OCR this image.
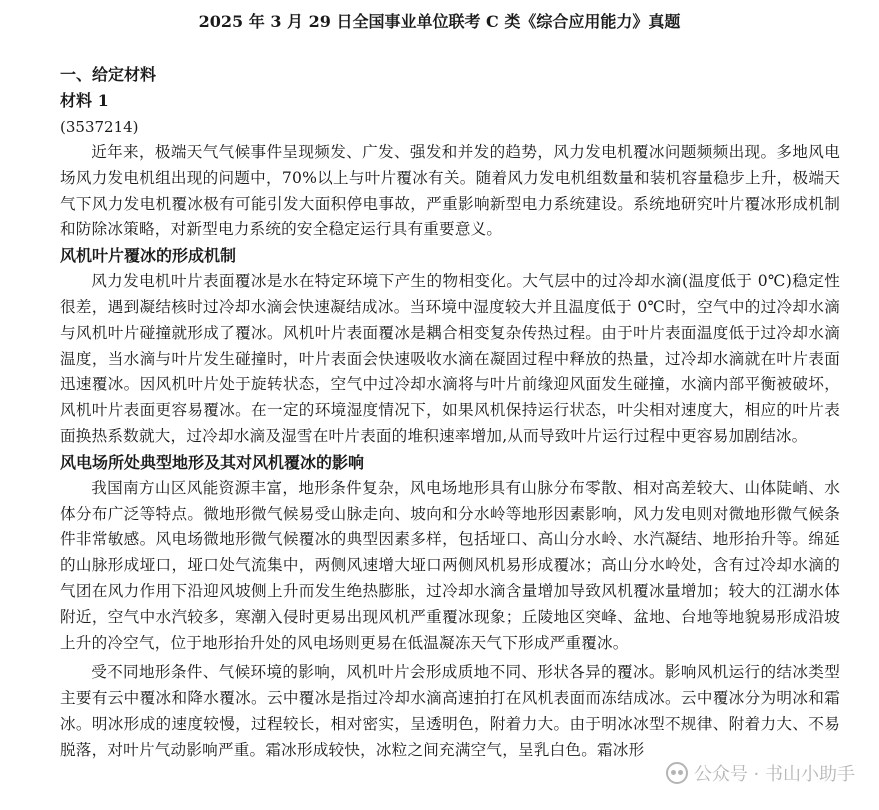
2025 年 3 月 29 日全国事业单位联考 C 类《综合应用能力》真题

一、给定材料

材料 1

(3537214)

近年来，极端天气气候事件呈现频发、广发、强发和并发的趋势，风力发电机覆冰问题频频出现。多地风电场风力发电机组出现的问题中，70%以上与叶片覆冰有关。随着风力发电机组数量和装机容量稳步上升，极端天气下风力发电机覆冰极有可能引发大面积停电事故，严重影响新型电力系统建设。系统地研究叶片覆冰形成机制和防除冰策略，对新型电力系统的安全稳定运行具有重要意义。

风机叶片覆冰的形成机制

风力发电机叶片表面覆冰是水在特定环境下产生的物相变化。大气层中的过冷却水滴(温度低于 0℃)稳定性很差，遇到凝结核时过冷却水滴会快速凝结成冰。当环境中湿度较大并且温度低于 0℃时，空气中的过冷却水滴与风机叶片碰撞就形成了覆冰。风机叶片表面覆冰是耦合相变复杂传热过程。由于叶片表面温度低于过冷却水滴温度，当水滴与叶片发生碰撞时，叶片表面会快速吸收水滴在凝固过程中释放的热量，过冷却水滴就在叶片表面迅速覆冰。因风机叶片处于旋转状态，空气中过冷却水滴将与叶片前缘迎风面发生碰撞，水滴内部平衡被破坏，风机叶片表面更容易覆冰。在一定的环境湿度情况下，如果风机保持运行状态，叶尖相对速度大，相应的叶片表面换热系数就大，过冷却水滴及湿雪在叶片表面的堆积速率增加,从而导致叶片运行过程中更容易加剧结冰。

风电场所处典型地形及其对风机覆冰的影响

我国南方山区风能资源丰富，地形条件复杂，风电场地形具有山脉分布零散、相对高差较大、山体陡峭、水体分布广泛等特点。微地形微气候易受山脉走向、坡向和分水岭等地形因素影响，风力发电则对微地形微气候条件非常敏感。风电场微地形微气候覆冰的典型因素多样，包括垭口、高山分水岭、水汽凝结、地形抬升等。绵延的山脉形成垭口，垭口处气流集中，两侧风速增大垭口两侧风机易形成覆冰；高山分水岭处，含有过冷却水滴的气团在风力作用下沿迎风坡侧上升而发生绝热膨胀，过冷却水滴含量增加导致风机覆冰量增加；较大的江湖水体附近，空气中水汽较多，寒潮入侵时更易出现风机严重覆冰现象；丘陵地区突峰、盆地、台地等地貌易形成沿坡上升的冷空气，位于地形抬升处的风电场则更易在低温凝冻天气下形成严重覆冰。

受不同地形条件、气候环境的影响，风机叶片会形成质地不同、形状各异的覆冰。影响风机运行的结冰类型主要有云中覆冰和降水覆冰。云中覆冰是指过冷却水滴高速拍打在风机表面而冻结成冰。云中覆冰分为明冰和霜冰。明冰形成的速度较慢，过程较长，相对密实，呈透明色，附着力大。由于明冰冰型不规律、附着力大、不易脱落，对叶片气动影响严重。霜冰形成较快，冰粒之间充满空气，呈乳白色。霜冰形

公众号 · 书山小助手
